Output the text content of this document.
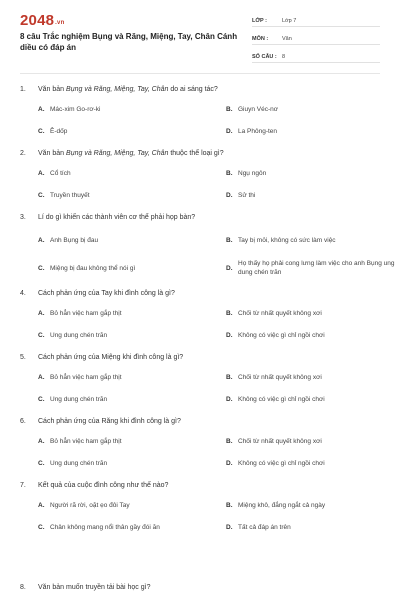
$2048_{.vn}$
8 câu Trắc nghiệm Bụng và Răng, Miệng, Tay, Chân Cánh diều có đáp án
LỚP :	Lớp 7
MÔN :	Văn
SỐ CÂU : 8
1.	Văn bản Bụng và Răng, Miệng, Tay, Chân do ai sáng tác?
A. Mác-xim Go-rơ-ki	B. Giuyn Véc-nơ
C. Ê-dốp	D. La Phông-ten
2.	Văn bản Bụng và Răng, Miệng, Tay, Chân thuộc thể loại gì?
A. Cổ tích	B. Ngụ ngôn
C. Truyền thuyết	D. Sử thi
3.	Lí do gì khiến các thành viên cơ thể phải họp bàn?
A. Anh Bụng bị đau	B. Tay bị mỏi, không có sức làm việc
C. Miệng bị đau không thể nói gì	D.
Họ thấy họ phải cong lưng làm việc cho anh Bụng ung dung chén trăn
4.	Cách phản ứng của Tay khi đình công là gì?
A. Bỏ hẳn việc ham gắp thịt	B. Chối từ nhất quyết không xơi
C. Ung dung chén trăn	D. Không có việc gì chỉ ngồi chơi
5.	Cách phản ứng của Miệng khi đình công là gì?
A. Bỏ hẳn việc ham gắp thịt	B. Chối từ nhất quyết không xơi
C. Ung dung chén trăn	D. Không có việc gì chỉ ngồi chơi
6.	Cách phản ứng của Răng khi đình công là gì?
A. Bỏ hẳn việc ham gắp thịt	B. Chối từ nhất quyết không xơi
C. Ung dung chén trăn	D. Không có việc gì chỉ ngồi chơi
7.	Kết quả của cuộc đình công như thế nào?
A. Người rã rời, oặt ẹo đôi Tay	B. Miệng khô, đắng ngắt cả ngày
C. Chân không mang nổi thân gầy đói ăn	D. Tất cả đáp án trên
8.	Văn bản muốn truyền tải bài học gì?
